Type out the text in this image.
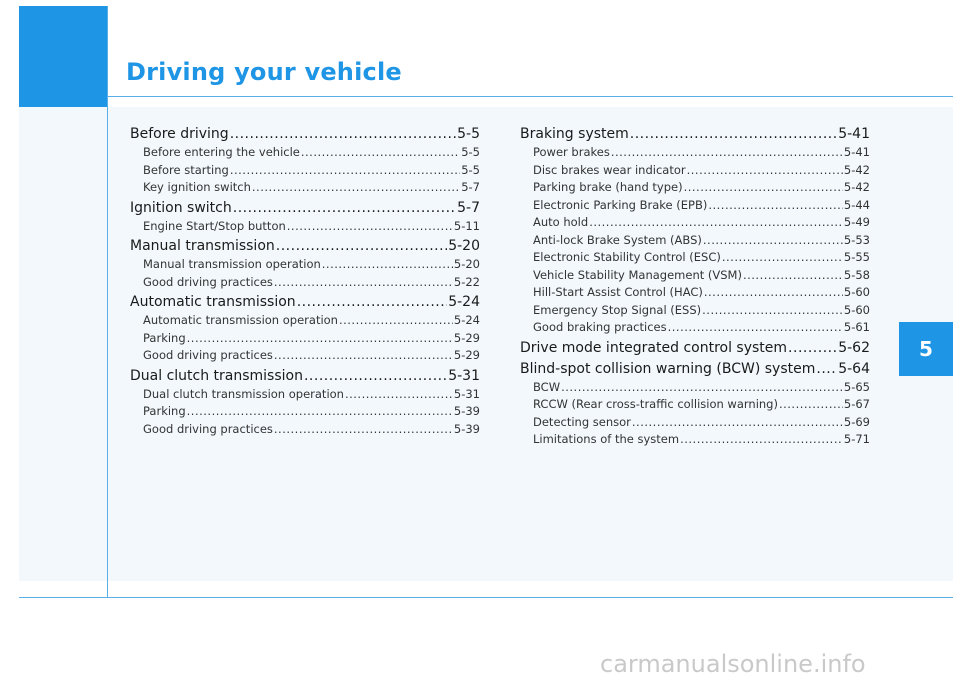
Driving your vehicle
Before driving .....	5-5
Before entering the vehicle .....	5-5
Before starting .....	5-5
Key ignition switch .....	5-7
Ignition switch .....	5-7
Engine Start/Stop button .....	5-11
Manual transmission .....	5-20
Manual transmission operation .....	5-20
Good driving practices .....	5-22
Automatic transmission .....	5-24
Automatic transmission operation .....	5-24
Parking .....	5-29
Good driving practices .....	5-29
Dual clutch transmission .....	5-31
Dual clutch transmission operation .....	5-31
Parking .....	5-39
Good driving practices .....	5-39
Braking system .....	5-41
Power brakes .....	5-41
Disc brakes wear indicator .....	5-42
Parking brake (hand type) .....	5-42
Electronic Parking Brake (EPB) .....	5-44
Auto hold .....	5-49
Anti-lock Brake System (ABS) .....	5-53
Electronic Stability Control (ESC) .....	5-55
Vehicle Stability Management (VSM) .....	5-58
Hill-Start Assist Control (HAC) .....	5-60
Emergency Stop Signal (ESS) .....	5-60
Good braking practices .....	5-61
Drive mode integrated control system .....	5-62
Blind-spot collision warning (BCW) system ..... 5-64
BCW .....	5-65
RCCW (Rear cross-traffic collision warning) .....	5-67
Detecting sensor .....	5-69
Limitations of the system .....	5-71
5
carmanualsonline.info
